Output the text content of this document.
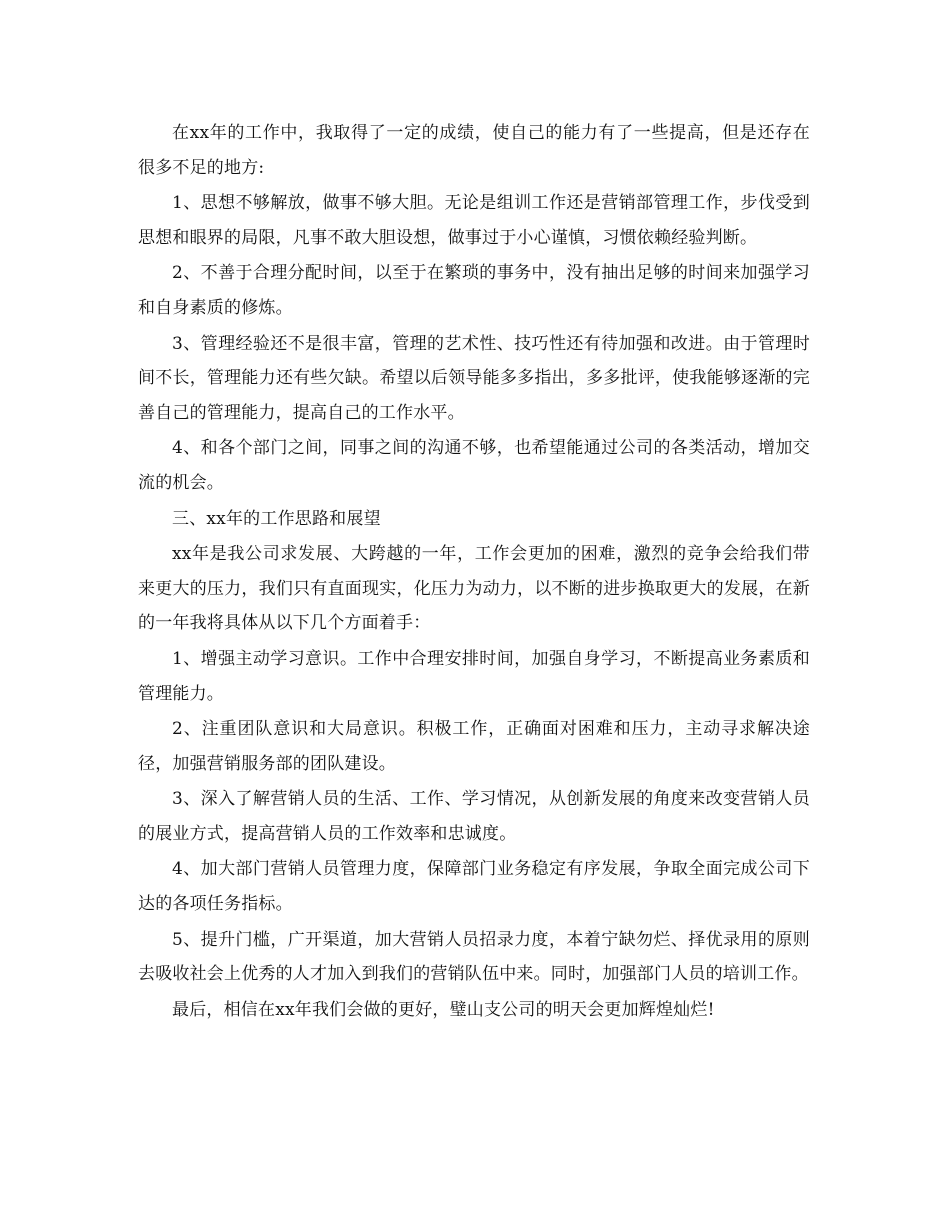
在xx年的工作中，我取得了一定的成绩，使自己的能力有了一些提高，但是还存在很多不足的地方:

1、思想不够解放，做事不够大胆。无论是组训工作还是营销部管理工作，步伐受到思想和眼界的局限，凡事不敢大胆设想，做事过于小心谨慎，习惯依赖经验判断。

2、不善于合理分配时间，以至于在繁琐的事务中，没有抽出足够的时间来加强学习和自身素质的修炼。

3、管理经验还不是很丰富，管理的艺术性、技巧性还有待加强和改进。由于管理时间不长，管理能力还有些欠缺。希望以后领导能多多指出，多多批评，使我能够逐渐的完善自己的管理能力，提高自己的工作水平。

4、和各个部门之间，同事之间的沟通不够，也希望能通过公司的各类活动，增加交流的机会。

三、xx年的工作思路和展望

xx年是我公司求发展、大跨越的一年，工作会更加的困难，激烈的竞争会给我们带来更大的压力，我们只有直面现实，化压力为动力，以不断的进步换取更大的发展，在新的一年我将具体从以下几个方面着手：

1、增强主动学习意识。工作中合理安排时间，加强自身学习，不断提高业务素质和管理能力。

2、注重团队意识和大局意识。积极工作，正确面对困难和压力，主动寻求解决途径，加强营销服务部的团队建设。

3、深入了解营销人员的生活、工作、学习情况，从创新发展的角度来改变营销人员的展业方式，提高营销人员的工作效率和忠诚度。

4、加大部门营销人员管理力度，保障部门业务稳定有序发展，争取全面完成公司下达的各项任务指标。

5、提升门槛，广开渠道，加大营销人员招录力度，本着宁缺勿烂、择优录用的原则去吸收社会上优秀的人才加入到我们的营销队伍中来。同时，加强部门人员的培训工作。

最后，相信在xx年我们会做的更好，璧山支公司的明天会更加辉煌灿烂!
